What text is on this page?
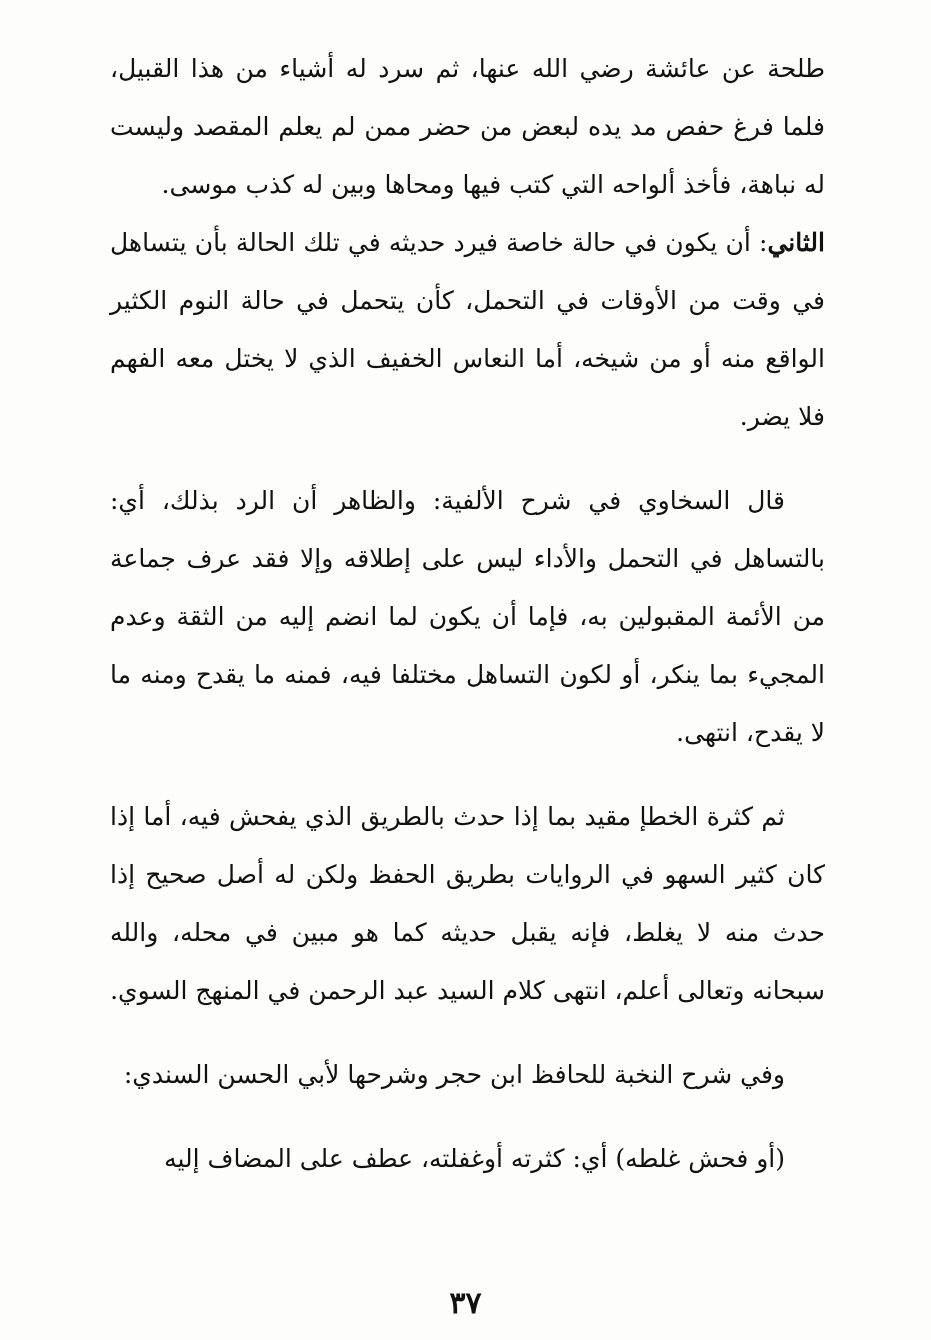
طلحة عن عائشة رضي الله عنها، ثم سرد له أشياء من هذا القبيل، فلما فرغ حفص مد يده لبعض من حضر ممن لم يعلم المقصد وليست له نباهة، فأخذ ألواحه التي كتب فيها ومحاها وبين له كذب موسى.

الثاني: أن يكون في حالة خاصة فيرد حديثه في تلك الحالة بأن يتساهل في وقت من الأوقات في التحمل، كأن يتحمل في حالة النوم الكثير الواقع منه أو من شيخه، أما النعاس الخفيف الذي لا يختل معه الفهم فلا يضر.

قال السخاوي في شرح الألفية: والظاهر أن الرد بذلك، أي: بالتساهل في التحمل والأداء ليس على إطلاقه وإلا فقد عرف جماعة من الأئمة المقبولين به، فإما أن يكون لما انضم إليه من الثقة وعدم المجيء بما ينكر، أو لكون التساهل مختلفا فيه، فمنه ما يقدح ومنه ما لا يقدح، انتهى.

ثم كثرة الخطإ مقيد بما إذا حدث بالطريق الذي يفحش فيه، أما إذا كان كثير السهو في الروايات بطريق الحفظ ولكن له أصل صحيح إذا حدث منه لا يغلط، فإنه يقبل حديثه كما هو مبين في محله، والله سبحانه وتعالى أعلم، انتهى كلام السيد عبد الرحمن في المنهج السوي.

وفي شرح النخبة للحافظ ابن حجر وشرحها لأبي الحسن السندي:

(أو فحش غلطه) أي: كثرته أوغفلته، عطف على المضاف إليه

٣٧
